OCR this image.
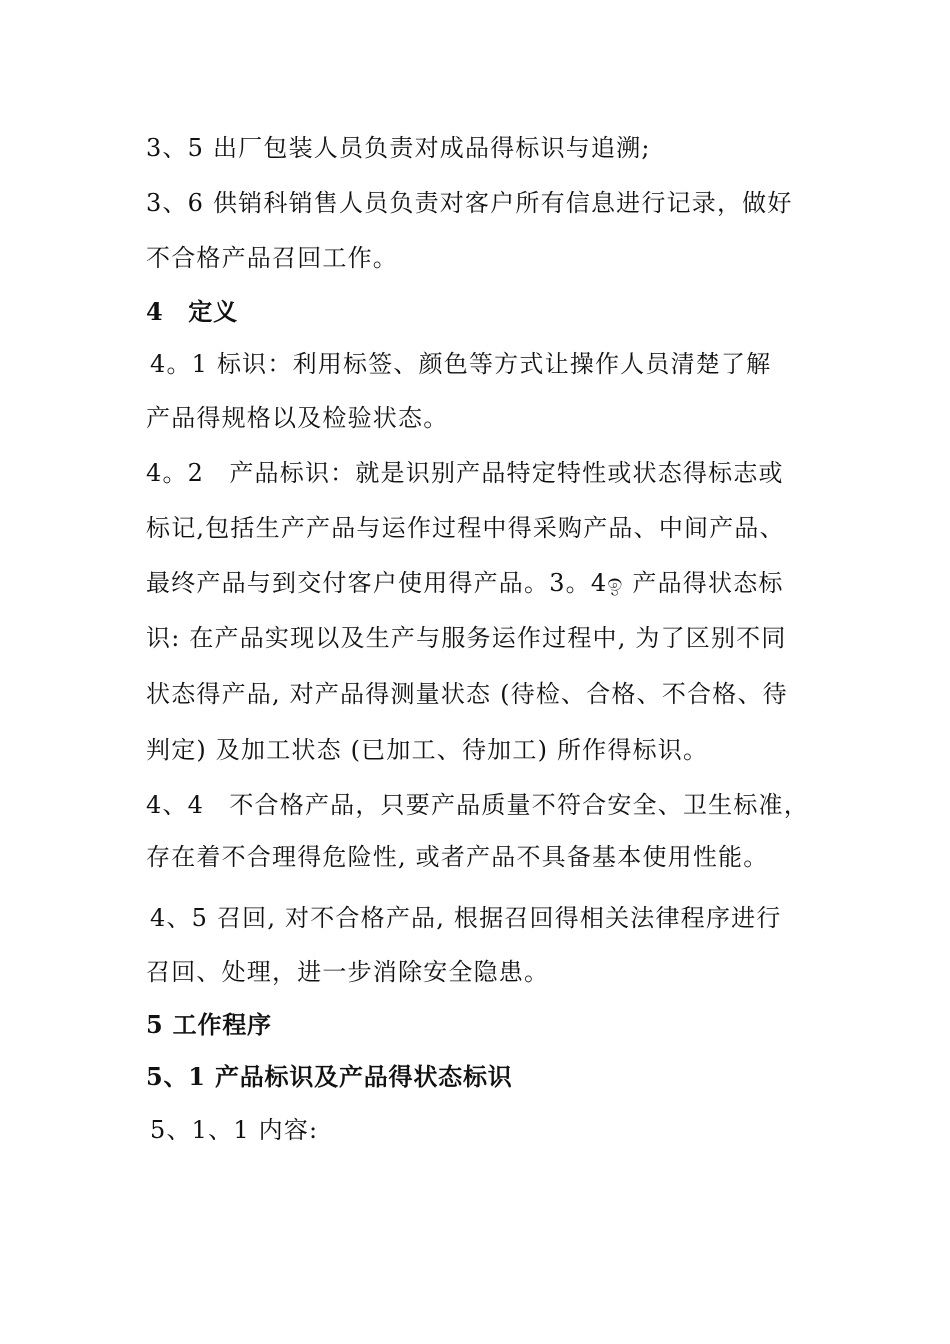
3、5 出厂包装人员负责对成品得标识与追溯;
3、6 供销科销售人员负责对客户所有信息进行记录，做好
不合格产品召回工作。
4　定义
4。1 标识：利用标签、颜色等方式让操作人员清楚了解
产品得规格以及检验状态。
4。2　产品标识：就是识别产品特定特性或状态得标志或
标记,包括生产产品与运作过程中得采购产品、中间产品、
最终产品与到交付客户使用得产品。3。4ඉ 产品得状态标
识: 在产品实现以及生产与服务运作过程中, 为了区别不同
状态得产品, 对产品得测量状态 (待检、合格、不合格、待
判定) 及加工状态 (已加工、待加工) 所作得标识。
4、4　不合格产品，只要产品质量不符合安全、卫生标准，
存在着不合理得危险性, 或者产品不具备基本使用性能。
4、5 召回, 对不合格产品, 根据召回得相关法律程序进行
召回、处理，进一步消除安全隐患。
5 工作程序
5、1 产品标识及产品得状态标识
5、1、1 内容:
